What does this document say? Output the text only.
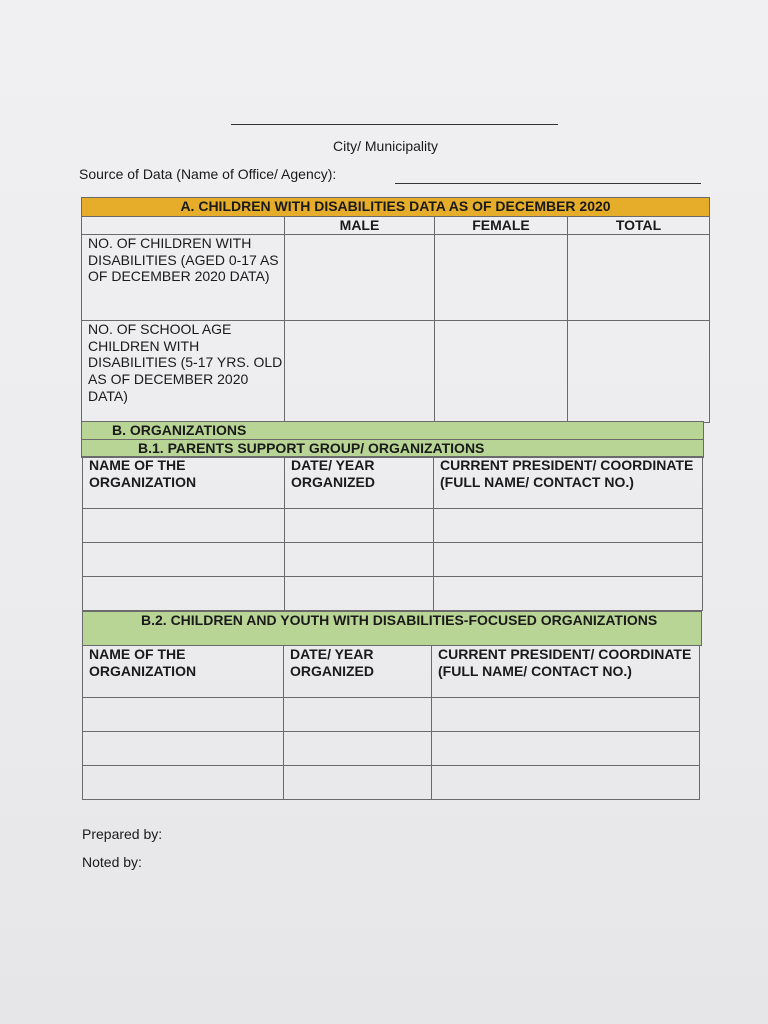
City/ Municipality
Source of Data (Name of Office/ Agency):
A. CHILDREN WITH DISABILITIES DATA AS OF DECEMBER 2020			
	MALE	FEMALE	TOTAL
NO. OF CHILDREN WITH DISABILITIES (AGED 0-17 AS OF DECEMBER 2020 DATA)			
NO. OF SCHOOL AGE CHILDREN WITH DISABILITIES (5-17 YRS. OLD AS OF DECEMBER 2020 DATA)			
B. ORGANIZATIONS
B.1. PARENTS SUPPORT GROUP/ ORGANIZATIONS
NAME OF THE ORGANIZATION	DATE/ YEAR ORGANIZED	CURRENT PRESIDENT/ COORDINATE (FULL NAME/ CONTACT NO.)

B.2. CHILDREN AND YOUTH WITH DISABILITIES-FOCUSED ORGANIZATIONS
NAME OF THE ORGANIZATION	DATE/ YEAR ORGANIZED	CURRENT PRESIDENT/ COORDINATE (FULL NAME/ CONTACT NO.)

Prepared by:
Noted by:
